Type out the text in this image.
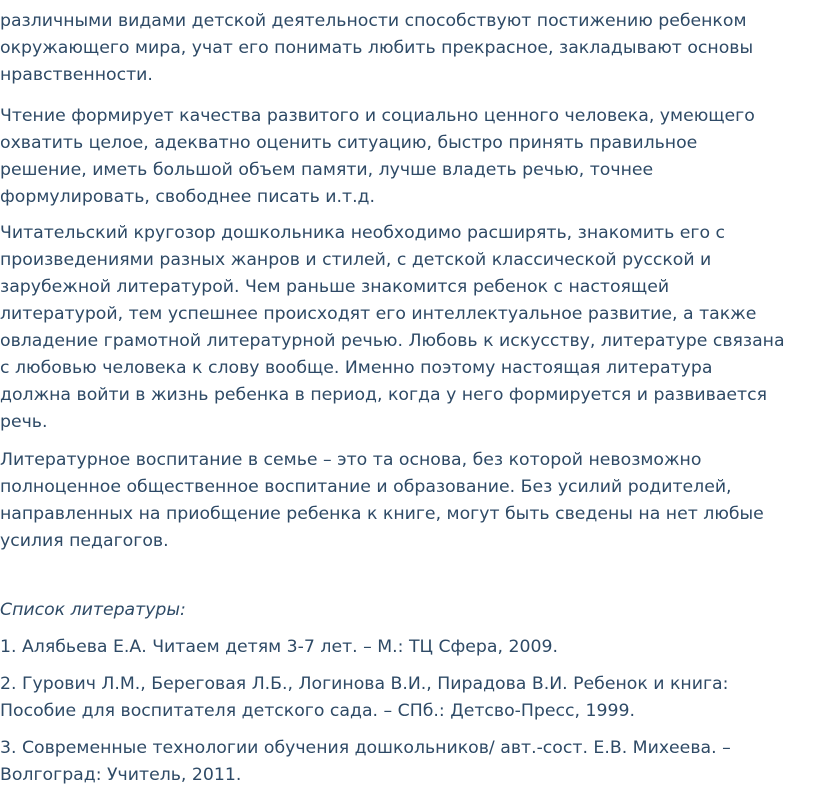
различными видами детской деятельности способствуют постижению ребенком
окружающего мира, учат его понимать любить прекрасное, закладывают основы
нравственности.

Чтение формирует качества развитого и социально ценного человека, умеющего
охватить целое, адекватно оценить ситуацию, быстро принять правильное
решение, иметь большой объем памяти, лучше владеть речью, точнее
формулировать, свободнее писать и.т.д.

Читательский кругозор дошкольника необходимо расширять, знакомить его с
произведениями разных жанров и стилей, с детской классической русской и
зарубежной литературой. Чем раньше знакомится ребенок с настоящей
литературой, тем успешнее происходят его интеллектуальное развитие, а также
овладение грамотной литературной речью. Любовь к искусству, литературе связана
с любовью человека к слову вообще. Именно поэтому настоящая литература
должна войти в жизнь ребенка в период, когда у него формируется и развивается
речь.

Литературное воспитание в семье – это та основа, без которой невозможно
полноценное общественное воспитание и образование. Без усилий родителей,
направленных на приобщение ребенка к книге, могут быть сведены на нет любые
усилия педагогов.

Список литературы:

1. Алябьева Е.А. Читаем детям 3-7 лет. – М.: ТЦ Сфера, 2009.

2. Гурович Л.М., Береговая Л.Б., Логинова В.И., Пирадова В.И. Ребенок и книга:
Пособие для воспитателя детского сада. – СПб.: Детсво-Пресс, 1999.

3. Современные технологии обучения дошкольников/ авт.-сост. Е.В. Михеева. –
Волгоград: Учитель, 2011.
